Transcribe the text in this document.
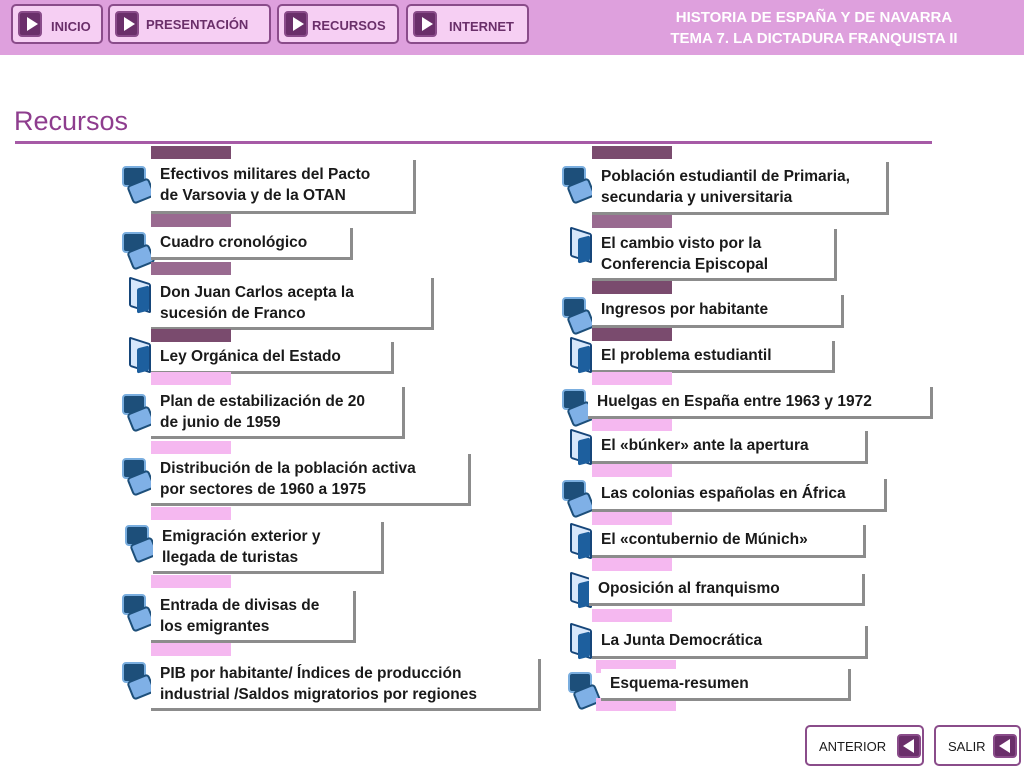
INICIO	PRESENTACIÓN	RECURSOS	INTERNET
HISTORIA DE ESPAÑA Y DE NAVARRA
TEMA 7. LA DICTADURA FRANQUISTA II
Recursos
Efectivos militares del Pacto
de Varsovia y de la OTAN
Cuadro cronológico
Don Juan Carlos acepta la
sucesión de Franco
Ley Orgánica del Estado
Plan de estabilización de 20
de junio de 1959
Distribución de la población activa
por sectores de 1960 a 1975
Emigración exterior y
llegada de turistas
Entrada de divisas de
los emigrantes
PIB por habitante/ Índices de producción
industrial /Saldos migratorios por regiones
Población estudiantil de Primaria,
secundaria y universitaria
El cambio visto por la
Conferencia Episcopal
Ingresos por habitante
El problema estudiantil
Huelgas en España entre 1963 y 1972
El «búnker» ante la apertura
Las colonias españolas en África
El «contubernio de Múnich»
Oposición al franquismo
La Junta Democrática
Esquema-resumen
ANTERIOR	SALIR
